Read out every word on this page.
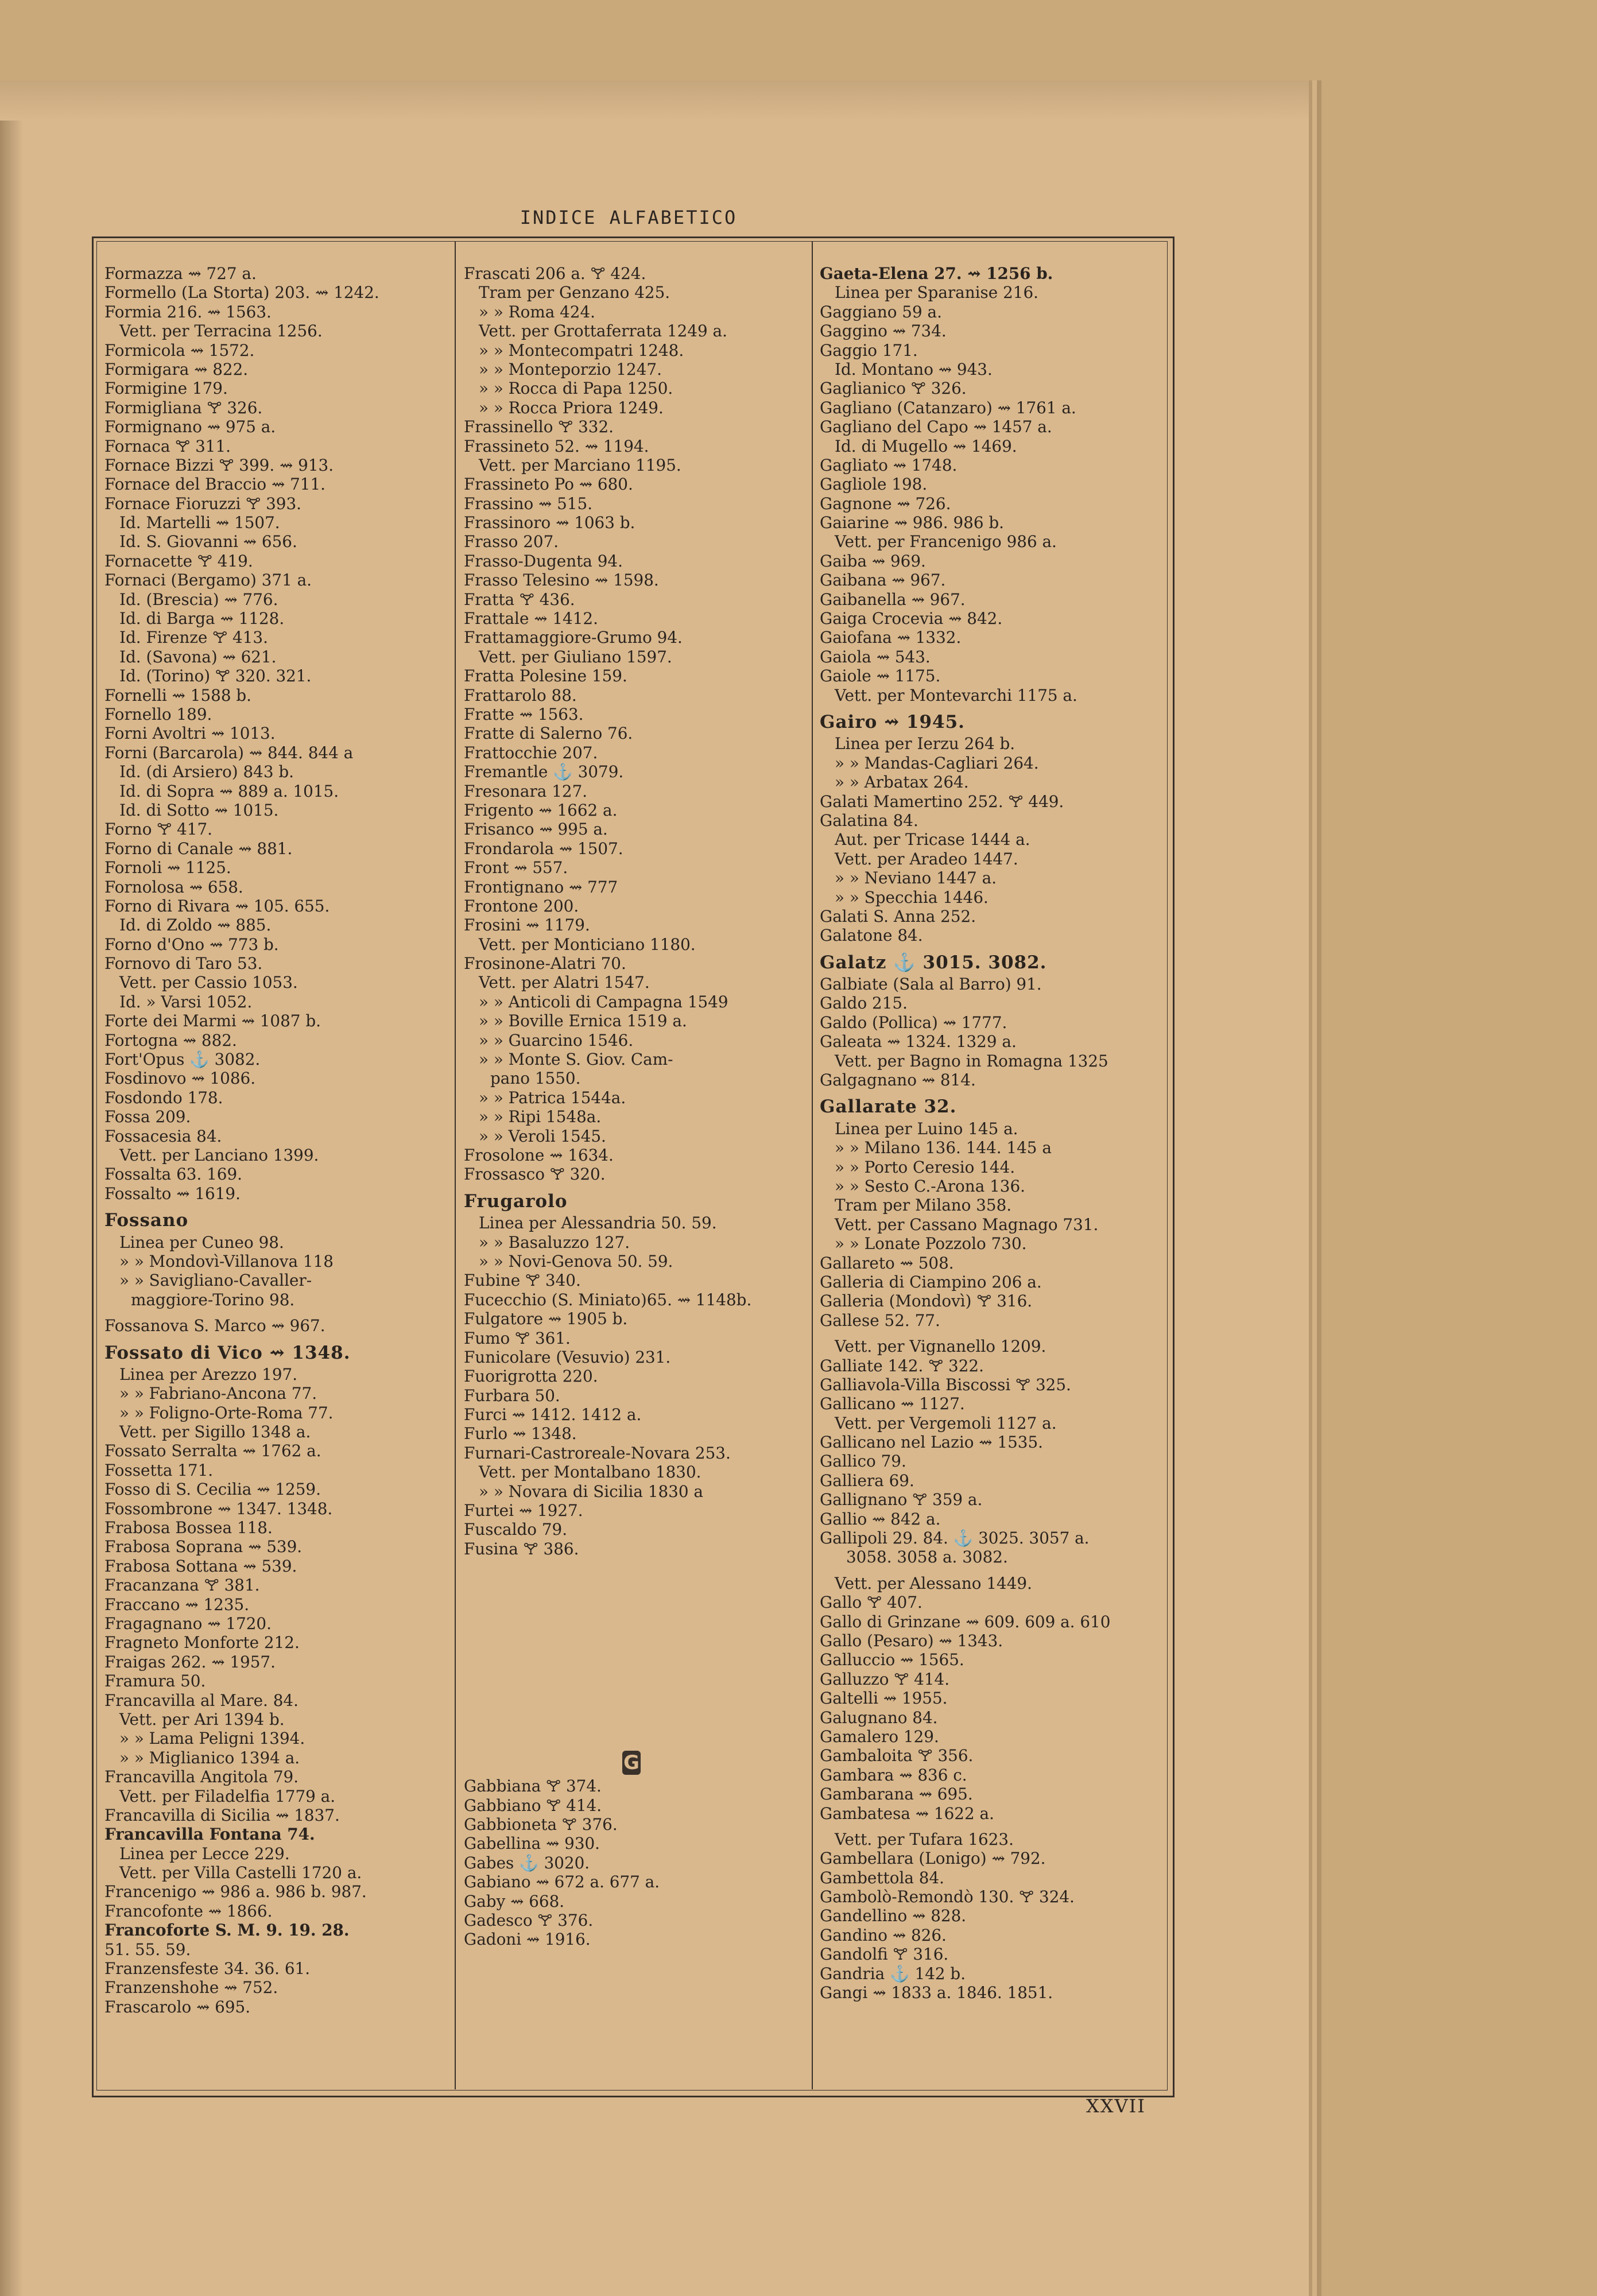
INDICE ALFABETICO
Formazza ⇝ 727 a.
Formello (La Storta) 203. ⇝ 1242.
Formia 216. ⇝ 1563.
Vett. per Terracina 1256.
Formicola ⇝ 1572.
Formigara ⇝ 822.
Formigine 179.
Formigliana 🝖 326.
Formignano ⇝ 975 a.
Fornaca 🝖 311.
Fornace Bizzi 🝖 399. ⇝ 913.
Fornace del Braccio ⇝ 711.
Fornace Fioruzzi 🝖 393.
Id. Martelli ⇝ 1507.
Id. S. Giovanni ⇝ 656.
Fornacette 🝖 419.
Fornaci (Bergamo) 371 a.
Id. (Brescia) ⇝ 776.
Id. di Barga ⇝ 1128.
Id. Firenze 🝖 413.
Id. (Savona) ⇝ 621.
Id. (Torino) 🝖 320. 321.
Fornelli ⇝ 1588 b.
Fornello 189.
Forni Avoltri ⇝ 1013.
Forni (Barcarola) ⇝ 844. 844 a
Id. (di Arsiero) 843 b.
Id. di Sopra ⇝ 889 a. 1015.
Id. di Sotto ⇝ 1015.
Forno 🝖 417.
Forno di Canale ⇝ 881.
Fornoli ⇝ 1125.
Fornolosa ⇝ 658.
Forno di Rivara ⇝ 105. 655.
Id. di Zoldo ⇝ 885.
Forno d'Ono ⇝ 773 b.
Fornovo di Taro 53.
Vett. per Cassio 1053.
Id. » Varsi 1052.
Forte dei Marmi ⇝ 1087 b.
Fortogna ⇝ 882.
Fort'Opus ⚓ 3082.
Fosdinovo ⇝ 1086.
Fosdondo 178.
Fossa 209.
Fossacesia 84.
Vett. per Lanciano 1399.
Fossalta 63. 169.
Fossalto ⇝ 1619.
Fossano
Linea per Cuneo 98.
» » Mondovì-Villanova 118
» » Savigliano-Cavaller-
maggiore-Torino 98.
Fossanova S. Marco ⇝ 967.
Fossato di Vico ⇝ 1348.
Linea per Arezzo 197.
» » Fabriano-Ancona 77.
» » Foligno-Orte-Roma 77.
Vett. per Sigillo 1348 a.
Fossato Serralta ⇝ 1762 a.
Fossetta 171.
Fosso di S. Cecilia ⇝ 1259.
Fossombrone ⇝ 1347. 1348.
Frabosa Bossea 118.
Frabosa Soprana ⇝ 539.
Frabosa Sottana ⇝ 539.
Fracanzana 🝖 381.
Fraccano ⇝ 1235.
Fragagnano ⇝ 1720.
Fragneto Monforte 212.
Fraigas 262. ⇝ 1957.
Framura 50.
Francavilla al Mare. 84.
Vett. per Ari 1394 b.
» » Lama Peligni 1394.
» » Miglianico 1394 a.
Francavilla Angitola 79.
Vett. per Filadelfia 1779 a.
Francavilla di Sicilia ⇝ 1837.
Francavilla Fontana 74.
Linea per Lecce 229.
Vett. per Villa Castelli 1720 a.
Francenigo ⇝ 986 a. 986 b. 987.
Francofonte ⇝ 1866.
Francoforte S. M. 9. 19. 28.
51. 55. 59.
Franzensfeste 34. 36. 61.
Franzenshohe ⇝ 752.
Frascarolo ⇝ 695.
Frascati 206 a. 🝖 424.
Tram per Genzano 425.
» » Roma 424.
Vett. per Grottaferrata 1249 a.
» » Montecompatri 1248.
» » Monteporzio 1247.
» » Rocca di Papa 1250.
» » Rocca Priora 1249.
Frassinello 🝖 332.
Frassineto 52. ⇝ 1194.
Vett. per Marciano 1195.
Frassineto Po ⇝ 680.
Frassino ⇝ 515.
Frassinoro ⇝ 1063 b.
Frasso 207.
Frasso-Dugenta 94.
Frasso Telesino ⇝ 1598.
Fratta 🝖 436.
Frattale ⇝ 1412.
Frattamaggiore-Grumo 94.
Vett. per Giuliano 1597.
Fratta Polesine 159.
Frattarolo 88.
Fratte ⇝ 1563.
Fratte di Salerno 76.
Frattocchie 207.
Fremantle ⚓ 3079.
Fresonara 127.
Frigento ⇝ 1662 a.
Frisanco ⇝ 995 a.
Frondarola ⇝ 1507.
Front ⇝ 557.
Frontignano ⇝ 777
Frontone 200.
Frosini ⇝ 1179.
Vett. per Monticiano 1180.
Frosinone-Alatri 70.
Vett. per Alatri 1547.
» » Anticoli di Campagna 1549
» » Boville Ernica 1519 a.
» » Guarcino 1546.
» » Monte S. Giov. Cam-
pano 1550.
» » Patrica 1544a.
» » Ripi 1548a.
» » Veroli 1545.
Frosolone ⇝ 1634.
Frossasco 🝖 320.
Frugarolo
Linea per Alessandria 50. 59.
» » Basaluzzo 127.
» » Novi-Genova 50. 59.
Fubine 🝖 340.
Fucecchio (S. Miniato)65. ⇝ 1148b.
Fulgatore ⇝ 1905 b.
Fumo 🝖 361.
Funicolare (Vesuvio) 231.
Fuorigrotta 220.
Furbara 50.
Furci ⇝ 1412. 1412 a.
Furlo ⇝ 1348.
Furnari-Castroreale-Novara 253.
Vett. per Montalbano 1830.
» » Novara di Sicilia 1830 a
Furtei ⇝ 1927.
Fuscaldo 79.
Fusina 🝖 386.
Gabbiana 🝖 374.
Gabbiano 🝖 414.
Gabbioneta 🝖 376.
Gabellina ⇝ 930.
Gabes ⚓ 3020.
Gabiano ⇝ 672 a. 677 a.
Gaby ⇝ 668.
Gadesco 🝖 376.
Gadoni ⇝ 1916.
Gaeta-Elena 27. ⇝ 1256 b.
Linea per Sparanise 216.
Gaggiano 59 a.
Gaggino ⇝ 734.
Gaggio 171.
Id. Montano ⇝ 943.
Gaglianico 🝖 326.
Gagliano (Catanzaro) ⇝ 1761 a.
Gagliano del Capo ⇝ 1457 a.
Id. di Mugello ⇝ 1469.
Gagliato ⇝ 1748.
Gagliole 198.
Gagnone ⇝ 726.
Gaiarine ⇝ 986. 986 b.
Vett. per Francenigo 986 a.
Gaiba ⇝ 969.
Gaibana ⇝ 967.
Gaibanella ⇝ 967.
Gaiga Crocevia ⇝ 842.
Gaiofana ⇝ 1332.
Gaiola ⇝ 543.
Gaiole ⇝ 1175.
Vett. per Montevarchi 1175 a.
Gairo ⇝ 1945.
Linea per Ierzu 264 b.
» » Mandas-Cagliari 264.
» » Arbatax 264.
Galati Mamertino 252. 🝖 449.
Galatina 84.
Aut. per Tricase 1444 a.
Vett. per Aradeo 1447.
» » Neviano 1447 a.
» » Specchia 1446.
Galati S. Anna 252.
Galatone 84.
Galatz ⚓ 3015. 3082.
Galbiate (Sala al Barro) 91.
Galdo 215.
Galdo (Pollica) ⇝ 1777.
Galeata ⇝ 1324. 1329 a.
Vett. per Bagno in Romagna 1325
Galgagnano ⇝ 814.
Gallarate 32.
Linea per Luino 145 a.
» » Milano 136. 144. 145 a
» » Porto Ceresio 144.
» » Sesto C.-Arona 136.
Tram per Milano 358.
Vett. per Cassano Magnago 731.
» » Lonate Pozzolo 730.
Gallareto ⇝ 508.
Galleria di Ciampino 206 a.
Galleria (Mondovì) 🝖 316.
Gallese 52. 77.
Vett. per Vignanello 1209.
Galliate 142. 🝖 322.
Galliavola-Villa Biscossi 🝖 325.
Gallicano ⇝ 1127.
Vett. per Vergemoli 1127 a.
Gallicano nel Lazio ⇝ 1535.
Gallico 79.
Galliera 69.
Gallignano 🝖 359 a.
Gallio ⇝ 842 a.
Gallipoli 29. 84. ⚓ 3025. 3057 a.
3058. 3058 a. 3082.
Vett. per Alessano 1449.
Gallo 🝖 407.
Gallo di Grinzane ⇝ 609. 609 a. 610
Gallo (Pesaro) ⇝ 1343.
Galluccio ⇝ 1565.
Galluzzo 🝖 414.
Galtelli ⇝ 1955.
Galugnano 84.
Gamalero 129.
Gambaloita 🝖 356.
Gambara ⇝ 836 c.
Gambarana ⇝ 695.
Gambatesa ⇝ 1622 a.
Vett. per Tufara 1623.
Gambellara (Lonigo) ⇝ 792.
Gambettola 84.
Gambolò-Remondò 130. 🝖 324.
Gandellino ⇝ 828.
Gandino ⇝ 826.
Gandolfi 🝖 316.
Gandria ⚓ 142 b.
Gangi ⇝ 1833 a. 1846. 1851.
G
XXVII
